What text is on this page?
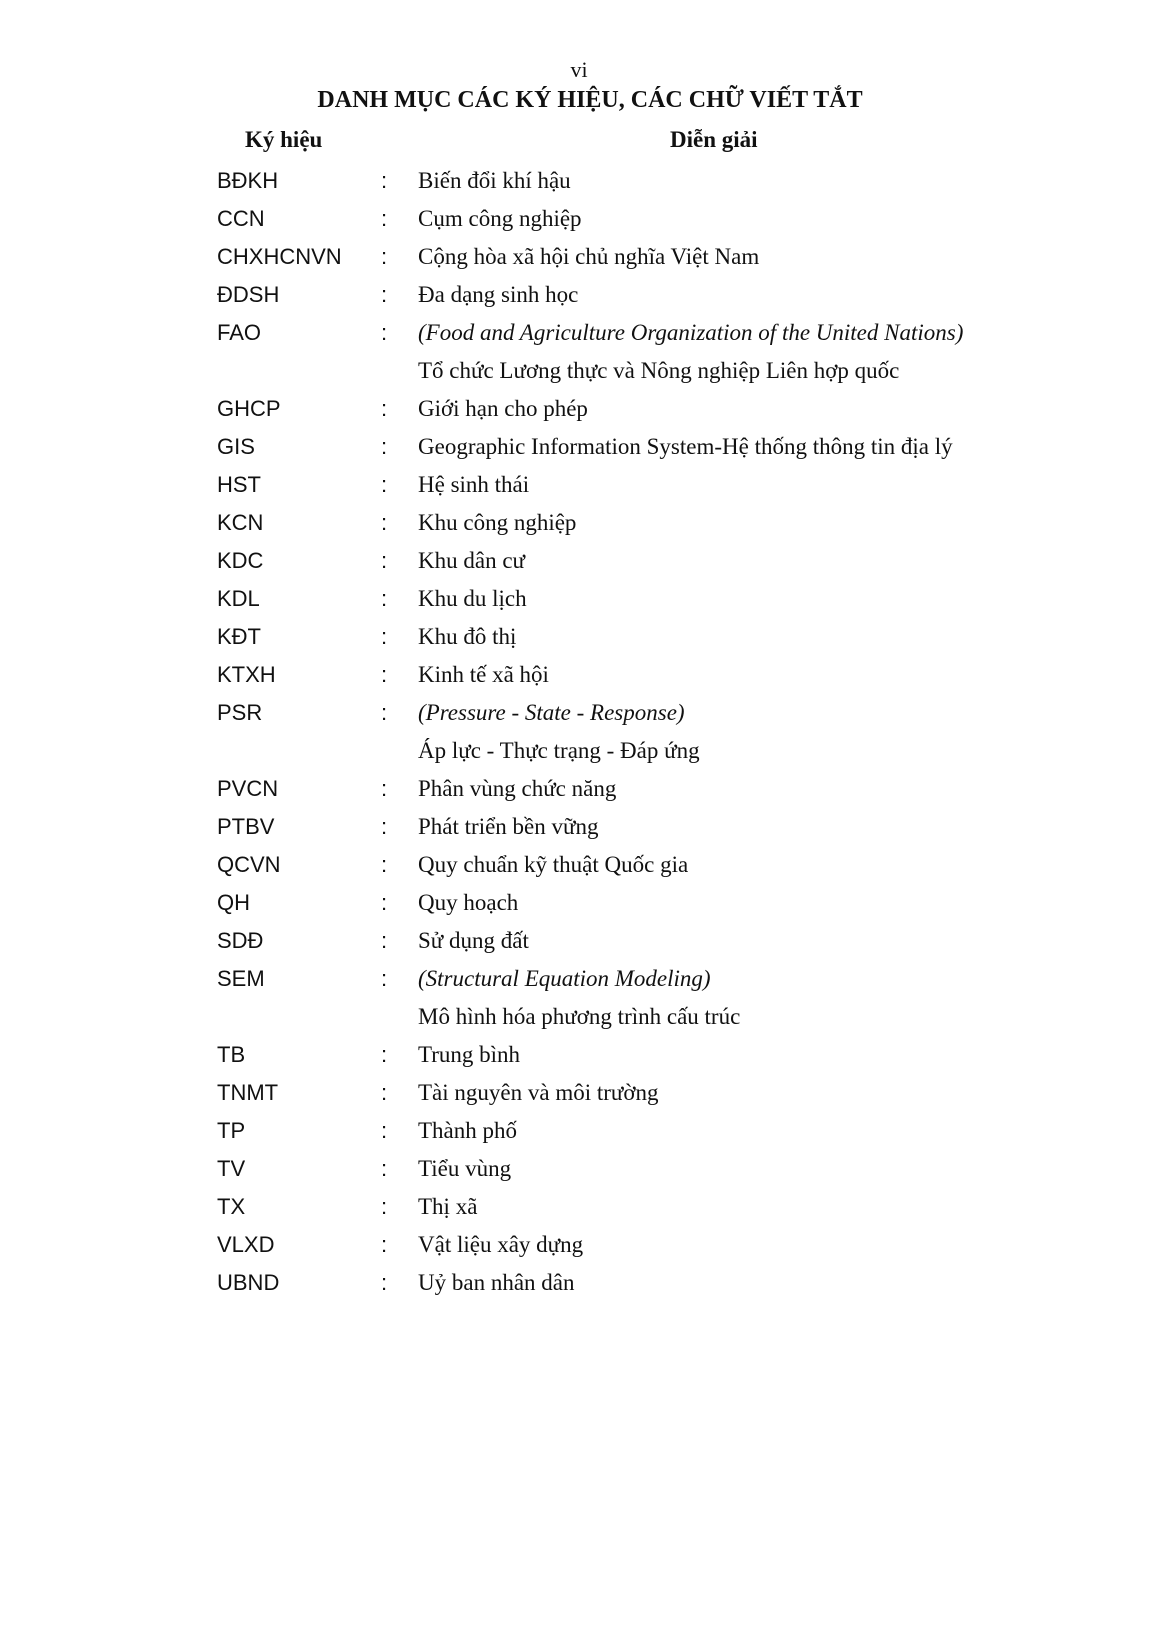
vi
DANH MỤC CÁC KÝ HIỆU, CÁC CHỮ VIẾT TẮT
Ký hiệu	Diễn giải
BĐKH	: Biến đổi khí hậu
CCN	: Cụm công nghiệp
CHXHCNVN : Cộng hòa xã hội chủ nghĩa Việt Nam
ĐDSH	: Đa dạng sinh học
FAO	: (Food and Agriculture Organization of the United Nations)
Tổ chức Lương thực và Nông nghiệp Liên hợp quốc
GHCP	: Giới hạn cho phép
GIS	: Geographic Information System-Hệ thống thông tin địa lý
HST	: Hệ sinh thái
KCN	: Khu công nghiệp
KDC	: Khu dân cư
KDL	: Khu du lịch
KĐT	: Khu đô thị
KTXH	: Kinh tế xã hội
PSR	: (Pressure - State - Response)
Áp lực - Thực trạng - Đáp ứng
PVCN	: Phân vùng chức năng
PTBV	: Phát triển bền vững
QCVN	: Quy chuẩn kỹ thuật Quốc gia
QH	: Quy hoạch
SDĐ	: Sử dụng đất
SEM	: (Structural Equation Modeling)
Mô hình hóa phương trình cấu trúc
TB	: Trung bình
TNMT	: Tài nguyên và môi trường
TP	: Thành phố
TV	: Tiểu vùng
TX	: Thị xã
VLXD	: Vật liệu xây dựng
UBND	: Uỷ ban nhân dân
